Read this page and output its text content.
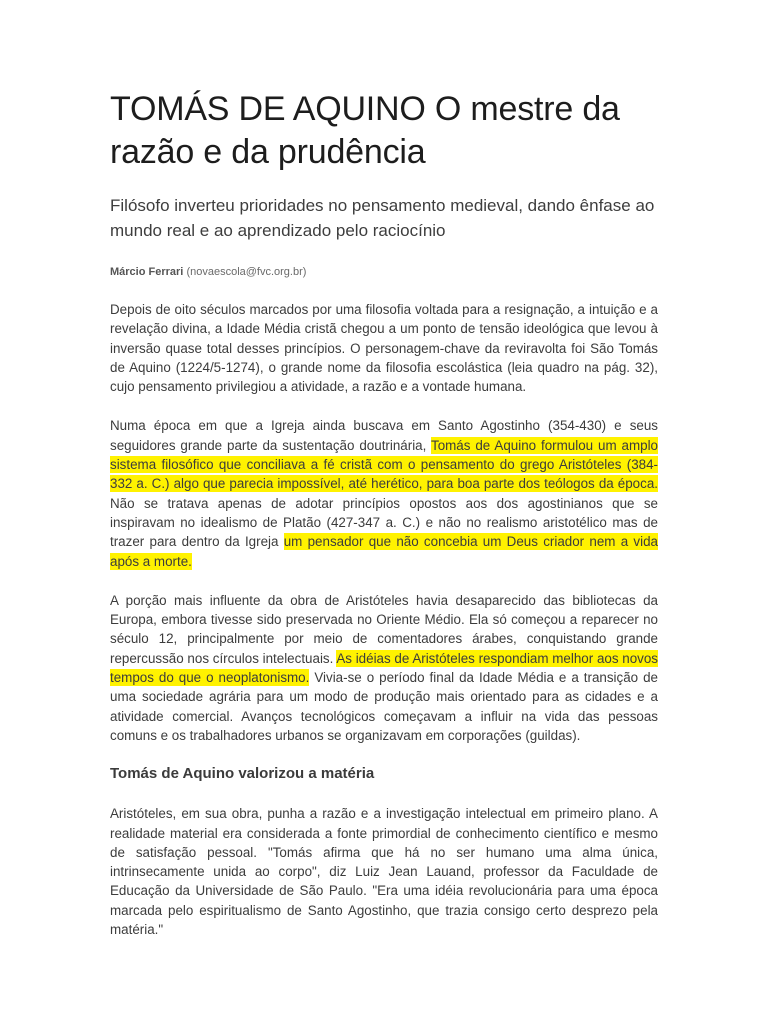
TOMÁS DE AQUINO O mestre da razão e da prudência

Filósofo inverteu prioridades no pensamento medieval, dando ênfase ao mundo real e ao aprendizado pelo raciocínio

Márcio Ferrari (novaescola@fvc.org.br)

Depois de oito séculos marcados por uma filosofia voltada para a resignação, a intuição e a revelação divina, a Idade Média cristã chegou a um ponto de tensão ideológica que levou à inversão quase total desses princípios. O personagem-chave da reviravolta foi São Tomás de Aquino (1224/5-1274), o grande nome da filosofia escolástica (leia quadro na pág. 32), cujo pensamento privilegiou a atividade, a razão e a vontade humana.

Numa época em que a Igreja ainda buscava em Santo Agostinho (354-430) e seus seguidores grande parte da sustentação doutrinária, Tomás de Aquino formulou um amplo sistema filosófico que conciliava a fé cristã com o pensamento do grego Aristóteles (384-332 a. C.) algo que parecia impossível, até herético, para boa parte dos teólogos da época. Não se tratava apenas de adotar princípios opostos aos dos agostinianos que se inspiravam no idealismo de Platão (427-347 a. C.) e não no realismo aristotélico mas de trazer para dentro da Igreja um pensador que não concebia um Deus criador nem a vida após a morte.

A porção mais influente da obra de Aristóteles havia desaparecido das bibliotecas da Europa, embora tivesse sido preservada no Oriente Médio. Ela só começou a reparecer no século 12, principalmente por meio de comentadores árabes, conquistando grande repercussão nos círculos intelectuais. As idéias de Aristóteles respondiam melhor aos novos tempos do que o neoplatonismo. Vivia-se o período final da Idade Média e a transição de uma sociedade agrária para um modo de produção mais orientado para as cidades e a atividade comercial. Avanços tecnológicos começavam a influir na vida das pessoas comuns e os trabalhadores urbanos se organizavam em corporações (guildas).

Tomás de Aquino valorizou a matéria

Aristóteles, em sua obra, punha a razão e a investigação intelectual em primeiro plano. A realidade material era considerada a fonte primordial de conhecimento científico e mesmo de satisfação pessoal. "Tomás afirma que há no ser humano uma alma única, intrinsecamente unida ao corpo", diz Luiz Jean Lauand, professor da Faculdade de Educação da Universidade de São Paulo. "Era uma idéia revolucionária para uma época marcada pelo espiritualismo de Santo Agostinho, que trazia consigo certo desprezo pela matéria."
